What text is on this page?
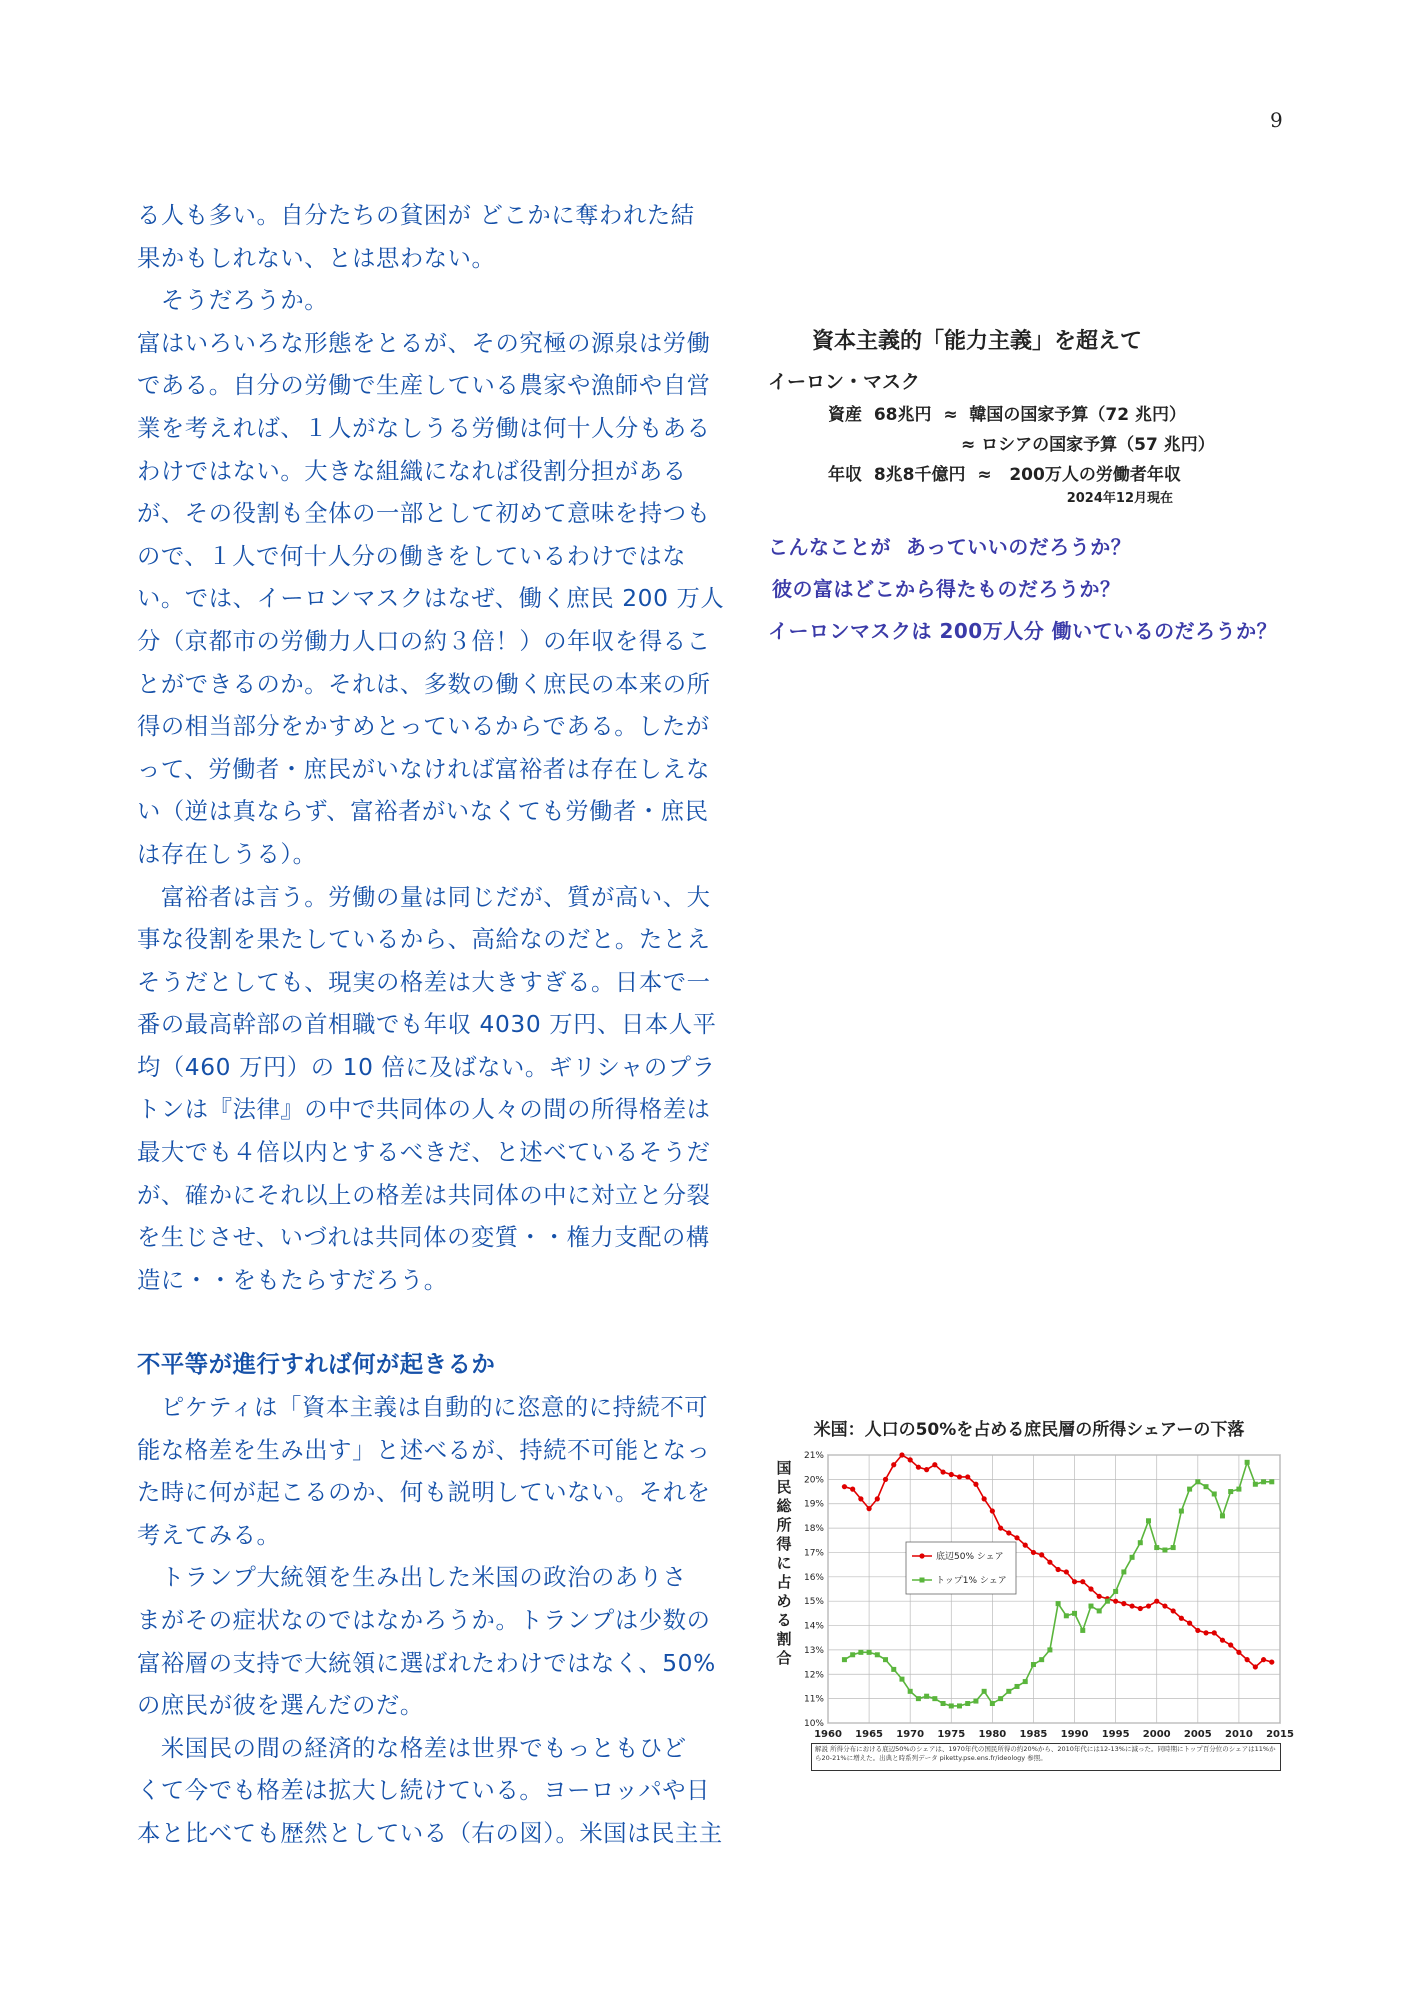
9

る人も多い。自分たちの貧困が どこかに奪われた結

果かもしれない、とは思わない。

　そうだろうか。

富はいろいろな形態をとるが、その究極の源泉は労働

である。自分の労働で生産している農家や漁師や自営

業を考えれば、１人がなしうる労働は何十人分もある

わけではない。大きな組織になれば役割分担がある

が、その役割も全体の一部として初めて意味を持つも

ので、１人で何十人分の働きをしているわけではな

い。では、イーロンマスクはなぜ、働く庶民 200 万人

分（京都市の労働力人口の約３倍！）の年収を得るこ

とができるのか。それは、多数の働く庶民の本来の所

得の相当部分をかすめとっているからである。したが

って、労働者・庶民がいなければ富裕者は存在しえな

い（逆は真ならず、富裕者がいなくても労働者・庶民

は存在しうる）。

　富裕者は言う。労働の量は同じだが、質が高い、大

事な役割を果たしているから、高給なのだと。たとえ

そうだとしても、現実の格差は大きすぎる。日本で一

番の最高幹部の首相職でも年収 4030 万円、日本人平

均（460 万円）の 10 倍に及ばない。ギリシャのプラ

トンは『法律』の中で共同体の人々の間の所得格差は

最大でも４倍以内とするべきだ、と述べているそうだ

が、確かにそれ以上の格差は共同体の中に対立と分裂

を生じさせ、いづれは共同体の変質・・権力支配の構

造に・・をもたらすだろう。

不平等が進行すれば何が起きるか

　ピケティは「資本主義は自動的に恣意的に持続不可

能な格差を生み出す」と述べるが、持続不可能となっ

た時に何が起こるのか、何も説明していない。それを

考えてみる。

　トランプ大統領を生み出した米国の政治のありさ

まがその症状なのではなかろうか。トランプは少数の

富裕層の支持で大統領に選ばれたわけではなく、50%

の庶民が彼を選んだのだ。

　米国民の間の経済的な格差は世界でもっともひど

くて今でも格差は拡大し続けている。ヨーロッパや日

本と比べても歴然としている（右の図）。米国は民主主

資本主義的「能力主義」を超えて
イーロン・マスク
資産  68兆円  ≈  韓国の国家予算（72 兆円）
≈ ロシアの国家予算（57 兆円）
年収  8兆8千億円  ≈   200万人の労働者年収
2024年12月現在
こんなことが  あっていいのだろうか？
彼の富はどこから得たものだろうか？
イーロンマスクは 200万人分 働いているのだろうか？
米国：人口の50%を占める庶民層の所得シェアーの下落
10%
11%
12%
13%
14%
15%
16%
17%
18%
19%
20%
21%
1960 1965 1970 1975 1980 1985 1990 1995 2000 2005 2010 2015
国
民
総
所
得
に
占
め
る
割
合
底辺50% シェア
トップ1% シェア
解説 所得分布における底辺50%のシェアは、1970年代の国民所得の約20%から、2010年代には12-13%に減った。同時期にトップ百分位のシェアは11%から20-21%に増えた。出典と時系列データ piketty.pse.ens.fr/ideology 参照。
